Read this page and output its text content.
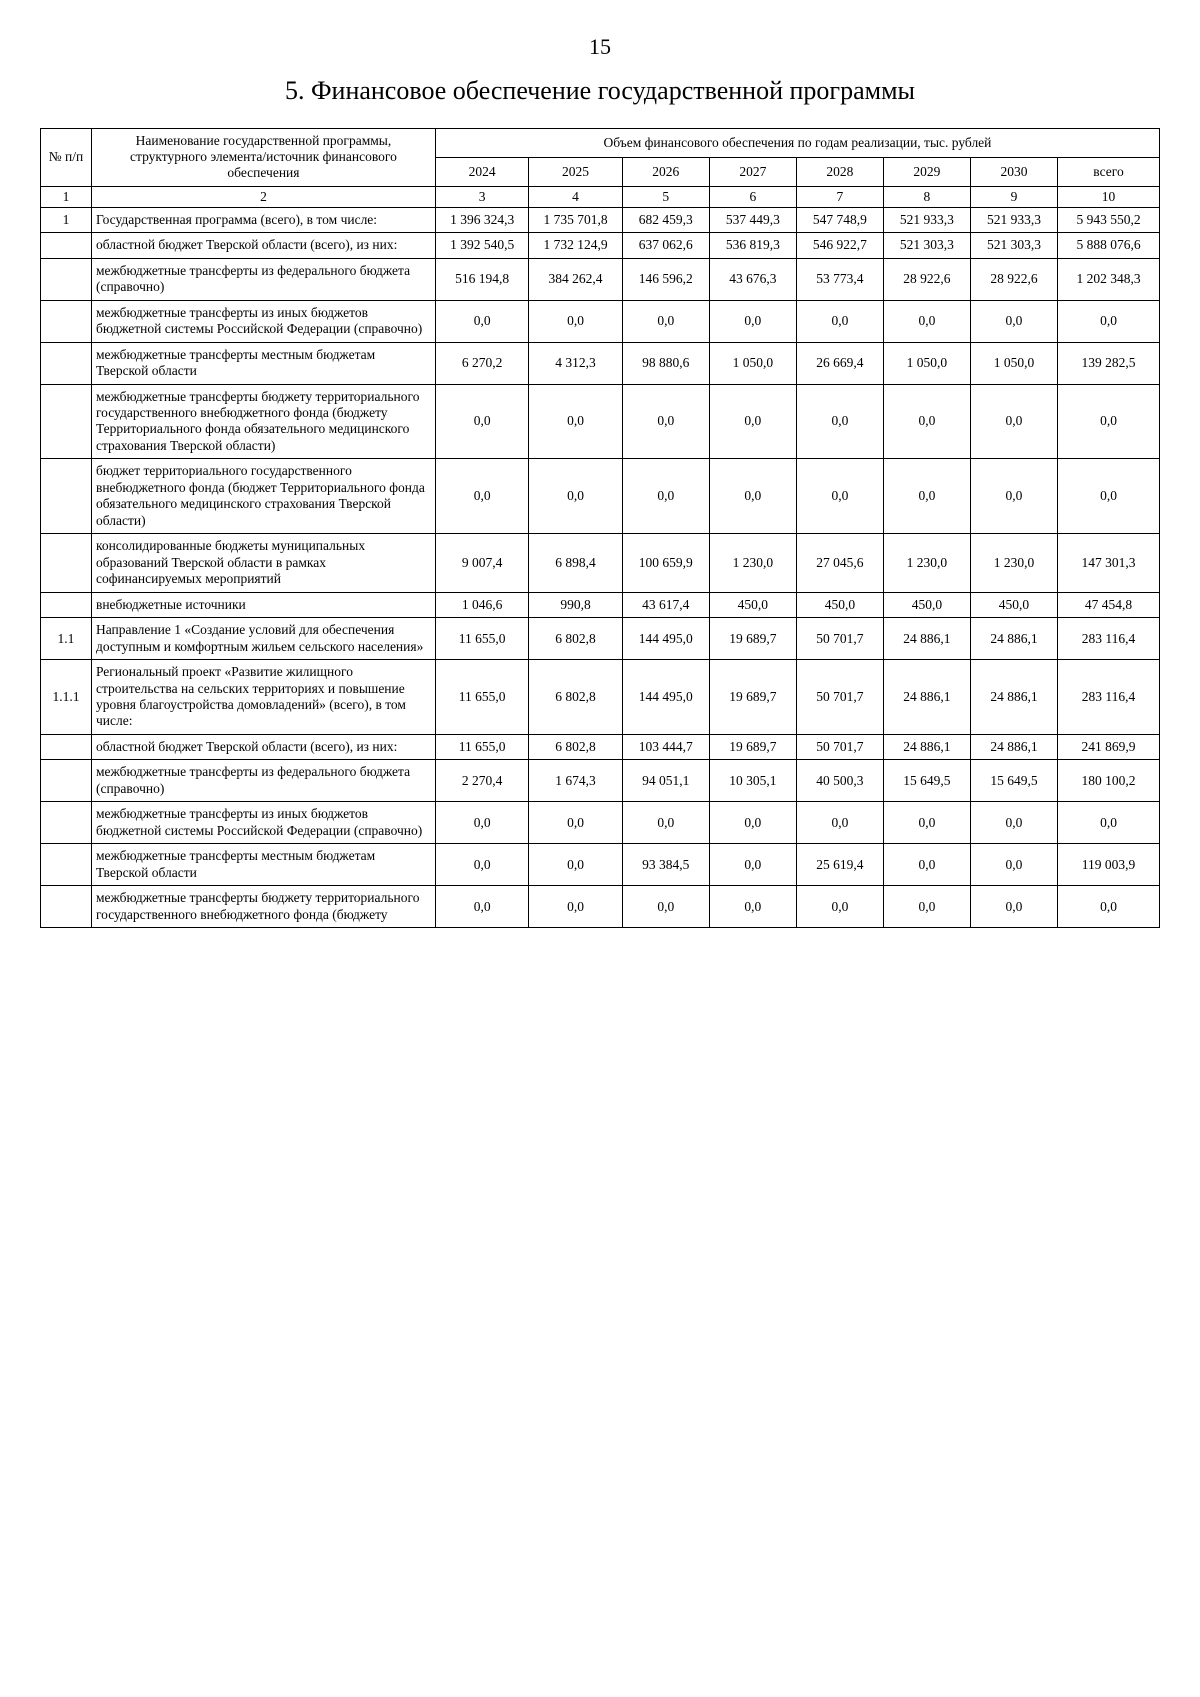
15
5. Финансовое обеспечение государственной программы
№ п/п	Наименование государственной программы, структурного элемента/источник финансового обеспечения	Объем финансового обеспечения по годам реализации, тыс. рублей							
		2024	2025	2026	2027	2028	2029	2030	всего
1	2	3	4	5	6	7	8	9	10
1	Государственная программа (всего), в том числе:	1 396 324,3	1 735 701,8	682 459,3	537 449,3	547 748,9	521 933,3	521 933,3	5 943 550,2
	областной бюджет Тверской области (всего), из них:	1 392 540,5	1 732 124,9	637 062,6	536 819,3	546 922,7	521 303,3	521 303,3	5 888 076,6
	межбюджетные трансферты из федерального бюджета (справочно)	516 194,8	384 262,4	146 596,2	43 676,3	53 773,4	28 922,6	28 922,6	1 202 348,3
	межбюджетные трансферты из иных бюджетов бюджетной системы Российской Федерации (справочно)	0,0	0,0	0,0	0,0	0,0	0,0	0,0	0,0
	межбюджетные трансферты местным бюджетам Тверской области	6 270,2	4 312,3	98 880,6	1 050,0	26 669,4	1 050,0	1 050,0	139 282,5
	межбюджетные трансферты бюджету территориального государственного внебюджетного фонда (бюджету Территориального фонда обязательного медицинского страхования Тверской области)	0,0	0,0	0,0	0,0	0,0	0,0	0,0	0,0
	бюджет территориального государственного внебюджетного фонда (бюджет Территориального фонда обязательного медицинского страхования Тверской области)	0,0	0,0	0,0	0,0	0,0	0,0	0,0	0,0
	консолидированные бюджеты муниципальных образований Тверской области в рамках софинансируемых мероприятий	9 007,4	6 898,4	100 659,9	1 230,0	27 045,6	1 230,0	1 230,0	147 301,3
	внебюджетные источники	1 046,6	990,8	43 617,4	450,0	450,0	450,0	450,0	47 454,8
1.1	Направление 1 «Создание условий для обеспечения доступным и комфортным жильем сельского населения»	11 655,0	6 802,8	144 495,0	19 689,7	50 701,7	24 886,1	24 886,1	283 116,4
1.1.1	Региональный проект «Развитие жилищного строительства на сельских территориях и повышение уровня благоустройства домовладений» (всего), в том числе:	11 655,0	6 802,8	144 495,0	19 689,7	50 701,7	24 886,1	24 886,1	283 116,4
	областной бюджет Тверской области (всего), из них:	11 655,0	6 802,8	103 444,7	19 689,7	50 701,7	24 886,1	24 886,1	241 869,9
	межбюджетные трансферты из федерального бюджета (справочно)	2 270,4	1 674,3	94 051,1	10 305,1	40 500,3	15 649,5	15 649,5	180 100,2
	межбюджетные трансферты из иных бюджетов бюджетной системы Российской Федерации (справочно)	0,0	0,0	0,0	0,0	0,0	0,0	0,0	0,0
	межбюджетные трансферты местным бюджетам Тверской области	0,0	0,0	93 384,5	0,0	25 619,4	0,0	0,0	119 003,9
	межбюджетные трансферты бюджету территориального государственного внебюджетного фонда (бюджету	0,0	0,0	0,0	0,0	0,0	0,0	0,0	0,0
